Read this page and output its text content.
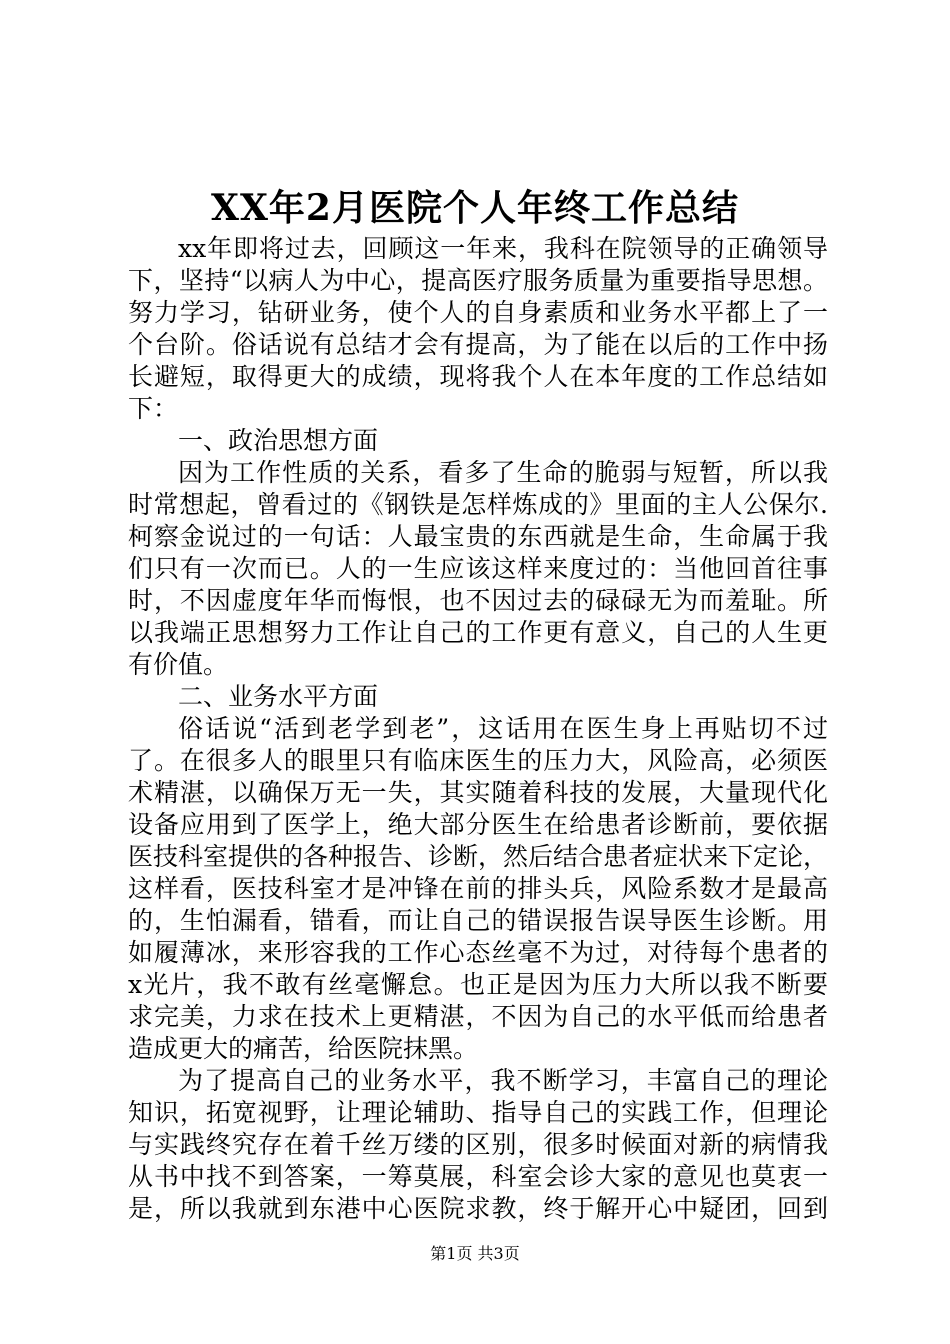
XX年2月医院个人年终工作总结
xx年即将过去，回顾这一年来，我科在院领导的正确领导
下，坚持“以病人为中心，提高医疗服务质量为重要指导思想。
努力学习，钻研业务，使个人的自身素质和业务水平都上了一
个台阶。俗话说有总结才会有提高，为了能在以后的工作中扬
长避短，取得更大的成绩，现将我个人在本年度的工作总结如
下：
一、政治思想方面
因为工作性质的关系，看多了生命的脆弱与短暂，所以我
时常想起，曾看过的《钢铁是怎样炼成的》里面的主人公保尔.
柯察金说过的一句话：人最宝贵的东西就是生命，生命属于我
们只有一次而已。人的一生应该这样来度过的：当他回首往事
时，不因虚度年华而悔恨，也不因过去的碌碌无为而羞耻。所
以我端正思想努力工作让自己的工作更有意义，自己的人生更
有价值。
二、业务水平方面
俗话说“活到老学到老”，这话用在医生身上再贴切不过
了。在很多人的眼里只有临床医生的压力大，风险高，必须医
术精湛，以确保万无一失，其实随着科技的发展，大量现代化
设备应用到了医学上，绝大部分医生在给患者诊断前，要依据
医技科室提供的各种报告、诊断，然后结合患者症状来下定论，
这样看，医技科室才是冲锋在前的排头兵，风险系数才是最高
的，生怕漏看，错看，而让自己的错误报告误导医生诊断。用
如履薄冰，来形容我的工作心态丝毫不为过，对待每个患者的
x光片，我不敢有丝毫懈怠。也正是因为压力大所以我不断要
求完美，力求在技术上更精湛，不因为自己的水平低而给患者
造成更大的痛苦，给医院抹黑。
为了提高自己的业务水平，我不断学习，丰富自己的理论
知识，拓宽视野，让理论辅助、指导自己的实践工作，但理论
与实践终究存在着千丝万缕的区别，很多时候面对新的病情我
从书中找不到答案，一筹莫展，科室会诊大家的意见也莫衷一
是，所以我就到东港中心医院求教，终于解开心中疑团，回到
第1页 共3页
